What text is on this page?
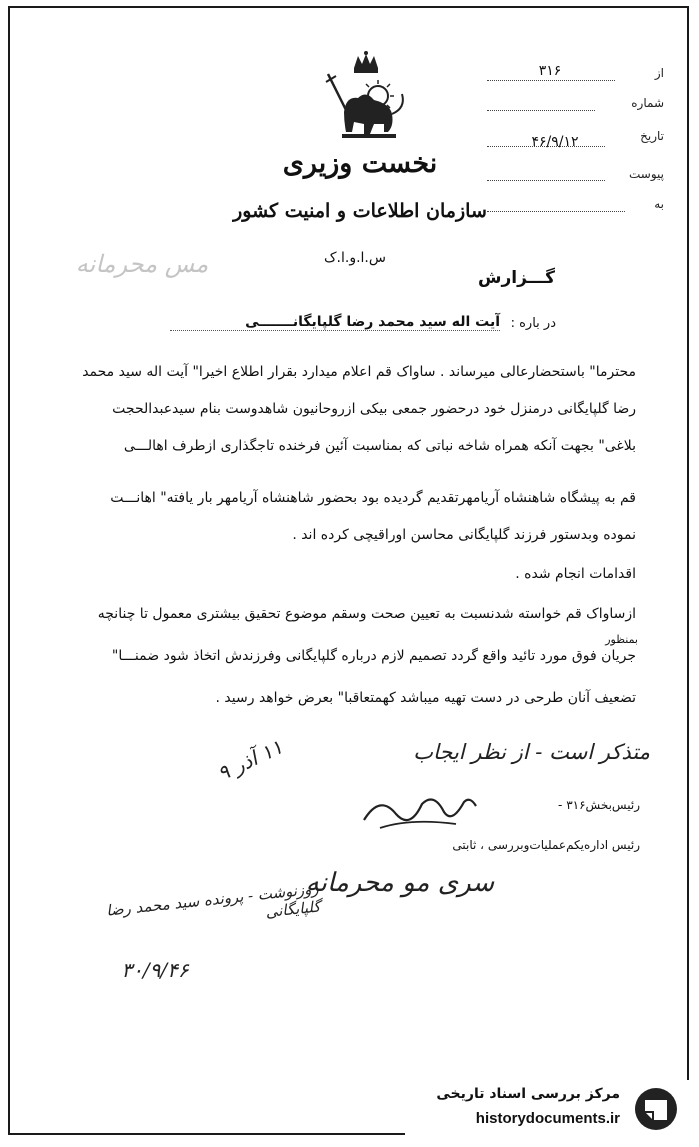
از
۳۱۶
شماره
تاریخ
۴۶/۹/۱۲
پیوست
به
نخست وزیری
سازمان اطلاعات و امنیت کشور
س.ا.و.ا.ک
مس محرمانه	گـــزارش
در باره :
آیت اله سید محمد رضا گلپایگانـــــــی
محترما" باستحضارعالی میرساند . ساواک قم اعلام میدارد بقرار اطلاع اخیرا" آیت اله سید محمد
رضا گلپایگانی درمنزل خود درحضور جمعی بیکی ازروحانیون شاهدوست بنام سیدعبدالحجت
بلاغی" بجهت آنکه همراه شاخه نباتی که بمناسبت آئین فرخنده تاجگذاری ازطرف اهالـــی
قم به پیشگاه شاهنشاه آریامهرتقدیم گردیده بود بحضور شاهنشاه آریامهر بار یافته" اهانـــت
نموده وبدستور فرزند گلپایگانی محاسن اوراقیچی کرده اند .
اقدامات انجام شده .
ازساواک قم خواسته شدنسبت به تعیین صحت وسقم موضوع تحقیق بیشتری معمول تا چنانچه
جریان فوق مورد تائید واقع گردد تصمیم لازم درباره گلپایگانی وفرزندش اتخاذ شود ضمنـــا"
تضعیف آنان طرحی در دست تهیه میباشد کهمتعاقبا" بعرض خواهد رسید .
بمنظور
متذکر است - از نظر ایجاب
۱۱ آذر ۹
رئیس‌بخش۳۱۶ -
رئیس اداره‌یکم‌عملیات‌وبررسی ، ثابتی
سری مو محرمانه
روزنوشت - پرونده سید محمد رضا گلپایگانی
۳۰/۹/۴۶
مرکز بررسی اسناد تاریخی
historydocuments.ir
